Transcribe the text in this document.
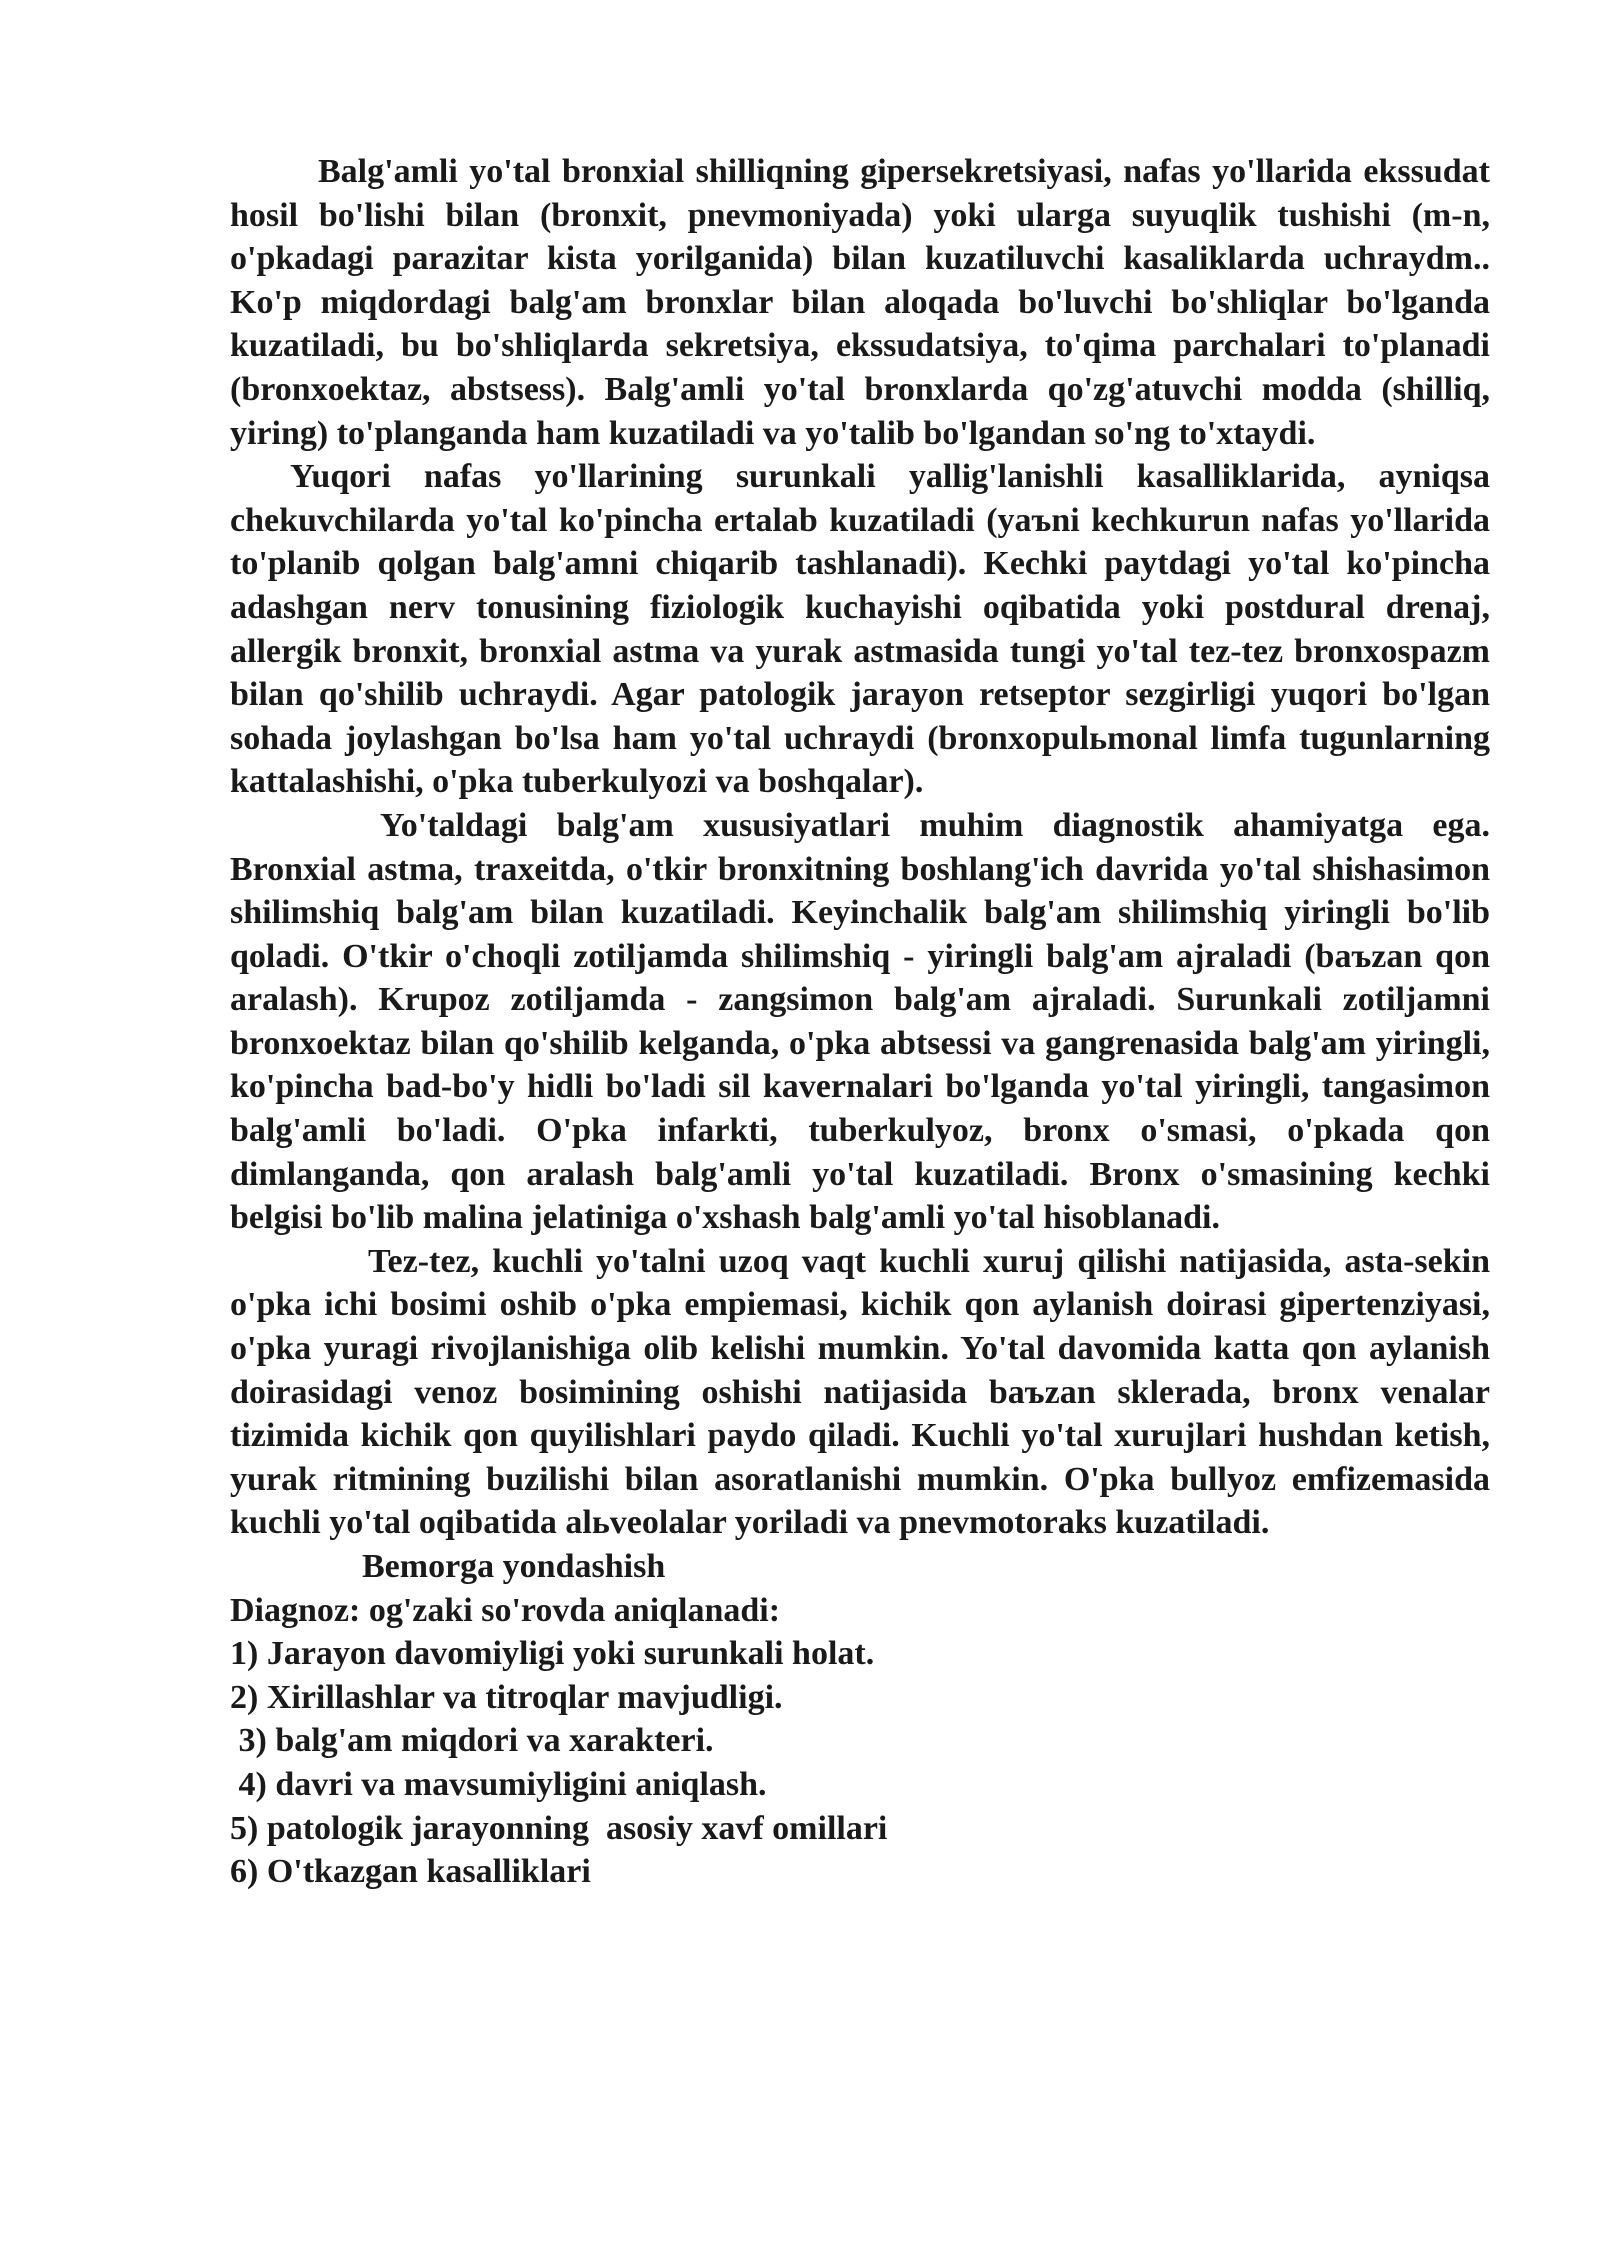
Balg'amli yo'tal bronxial shilliqning gipersekretsiyasi, nafas yo'llarida ekssudat hosil bo'lishi bilan (bronxit, pnevmoniyada) yoki ularga suyuqlik tushishi (m-n, o'pkadagi parazitar kista yorilganida) bilan kuzatiluvchi kasaliklarda uchraydm.. Ko'p miqdordagi balg'am bronxlar bilan aloqada bo'luvchi bo'shliqlar bo'lganda kuzatiladi, bu bo'shliqlarda sekretsiya, ekssudatsiya, to'qima parchalari to'planadi (bronxoektaz, abstsess). Balg'amli yo'tal bronxlarda qo'zg'atuvchi modda (shilliq, yiring) to'planganda ham kuzatiladi va yo'talib bo'lgandan so'ng to'xtaydi.

Yuqori nafas yo'llarining surunkali yallig'lanishli kasalliklarida, ayniqsa chekuvchilarda yo'tal ko'pincha ertalab kuzatiladi (yaъni kechkurun nafas yo'llarida to'planib qolgan balg'amni chiqarib tashlanadi). Kechki paytdagi yo'tal ko'pincha adashgan nerv tonusining fiziologik kuchayishi oqibatida yoki postdural drenaj, allergik bronxit, bronxial astma va yurak astmasida tungi yo'tal tez-tez bronxospazm bilan qo'shilib uchraydi. Agar patologik jarayon retseptor sezgirligi yuqori bo'lgan sohada joylashgan bo'lsa ham yo'tal uchraydi (bronxopulьmonal limfa tugunlarning kattalashishi, o'pka tuberkulyozi va boshqalar).

Yo'taldagi balg'am xususiyatlari muhim diagnostik ahamiyatga ega. Bronxial astma, traxeitda, o'tkir bronxitning boshlang'ich davrida yo'tal shishasimon shilimshiq balg'am bilan kuzatiladi. Keyinchalik balg'am shilimshiq yiringli bo'lib qoladi. O'tkir o'choqli zotiljamda shilimshiq - yiringli balg'am ajraladi (baъzan qon aralash). Krupoz zotiljamda - zangsimon balg'am ajraladi. Surunkali zotiljamni bronxoektaz bilan qo'shilib kelganda, o'pka abtsessi va gangrenasida balg'am yiringli, ko'pincha bad-bo'y hidli bo'ladi sil kavernalari bo'lganda yo'tal yiringli, tangasimon balg'amli bo'ladi. O'pka infarkti, tuberkulyoz, bronx o'smasi, o'pkada qon dimlanganda, qon aralash balg'amli yo'tal kuzatiladi. Bronx o'smasining kechki belgisi bo'lib malina jelatiniga o'xshash balg'amli yo'tal hisoblanadi.

Tez-tez, kuchli yo'talni uzoq vaqt kuchli xuruj qilishi natijasida, asta-sekin o'pka ichi bosimi oshib o'pka empiemasi, kichik qon aylanish doirasi gipertenziyasi, o'pka yuragi rivojlanishiga olib kelishi mumkin. Yo'tal davomida katta qon aylanish doirasidagi venoz bosimining oshishi natijasida baъzan sklerada, bronx venalar tizimida kichik qon quyilishlari paydo qiladi. Kuchli yo'tal xurujlari hushdan ketish, yurak ritmining buzilishi bilan asoratlanishi mumkin. O'pka bullyoz emfizemasida kuchli yo'tal oqibatida alьveolalar yoriladi va pnevmotoraks kuzatiladi.

Bemorga yondashish

Diagnoz: og'zaki so'rovda aniqlanadi:

1) Jarayon davomiyligi yoki surunkali holat.

2) Xirillashlar va titroqlar mavjudligi.

3) balg'am miqdori va xarakteri.

4) davri va mavsumiyligini aniqlash.

5) patologik jarayonning  asosiy xavf omillari

6) O'tkazgan kasalliklari
